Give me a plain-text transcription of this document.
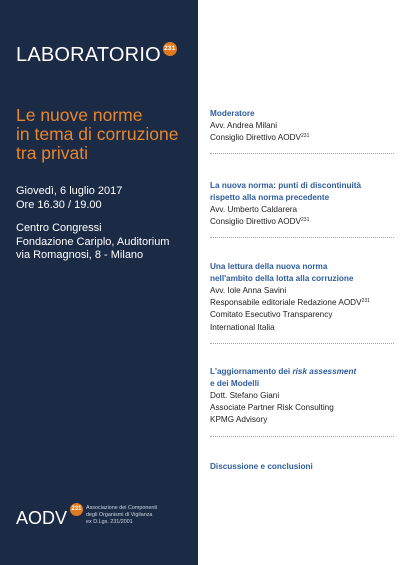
LABORATORIO 231
Le nuove norme
in tema di corruzione
tra privati
Giovedì, 6 luglio 2017
Ore 16.30 / 19.00
Centro Congressi
Fondazione Cariplo, Auditorium
via Romagnosi, 8 - Milano
AODV 231 Associazione dei Componenti
degli Organismi di Vigilanza
ex D.Lgs. 231/2001
Moderatore
Avv. Andrea Milani
Consiglio Direttivo AODV$^{231}$
La nuova norma: punti di discontinuità
rispetto alla norma precedente
Avv. Umberto Caldarera
Consiglio Direttivo AODV$^{231}$
Una lettura della nuova norma
nell'ambito della lotta alla corruzione
Avv. Iole Anna Savini
Responsabile editoriale Redazione AODV$^{231}$
Comitato Esecutivo Transparency
International Italia
L'aggiornamento dei risk assessment
e dei Modelli
Dott. Stefano Giani
Associate Partner Risk Consulting
KPMG Advisory
Discussione e conclusioni
